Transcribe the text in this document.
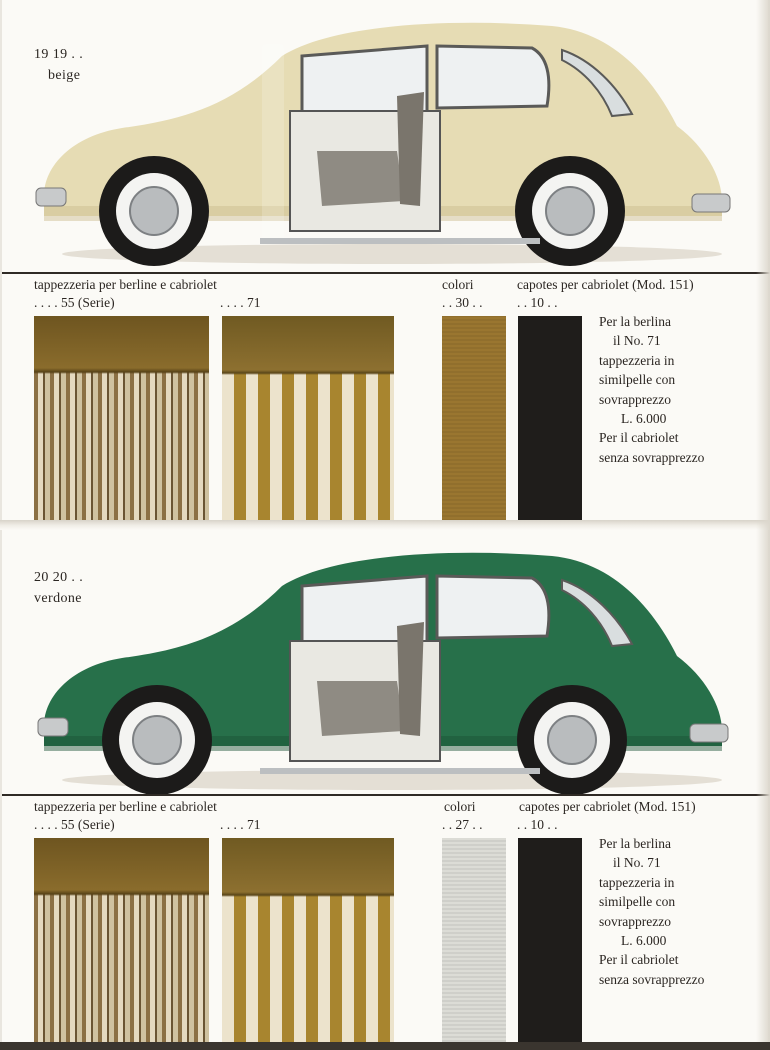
19 19 . .
beige
tappezzeria per berline e cabriolet
. . . . 55 (Serie)	. . . . 71
colori
. . 30 . .
capotes per cabriolet (Mod. 151)
. . 10 . .
Per la berlina
il No. 71
tappezzeria in
similpelle con
sovrapprezzo
L. 6.000
Per il cabriolet
senza sovrapprezzo
20 20 . .
verdone
tappezzeria per berline e cabriolet
. . . . 55 (Serie)	. . . . 71
colori
. . 27 . .
capotes per cabriolet (Mod. 151)
. . 10 . .
Per la berlina
il No. 71
tappezzeria in
similpelle con
sovrapprezzo
L. 6.000
Per il cabriolet
senza sovrapprezzo
